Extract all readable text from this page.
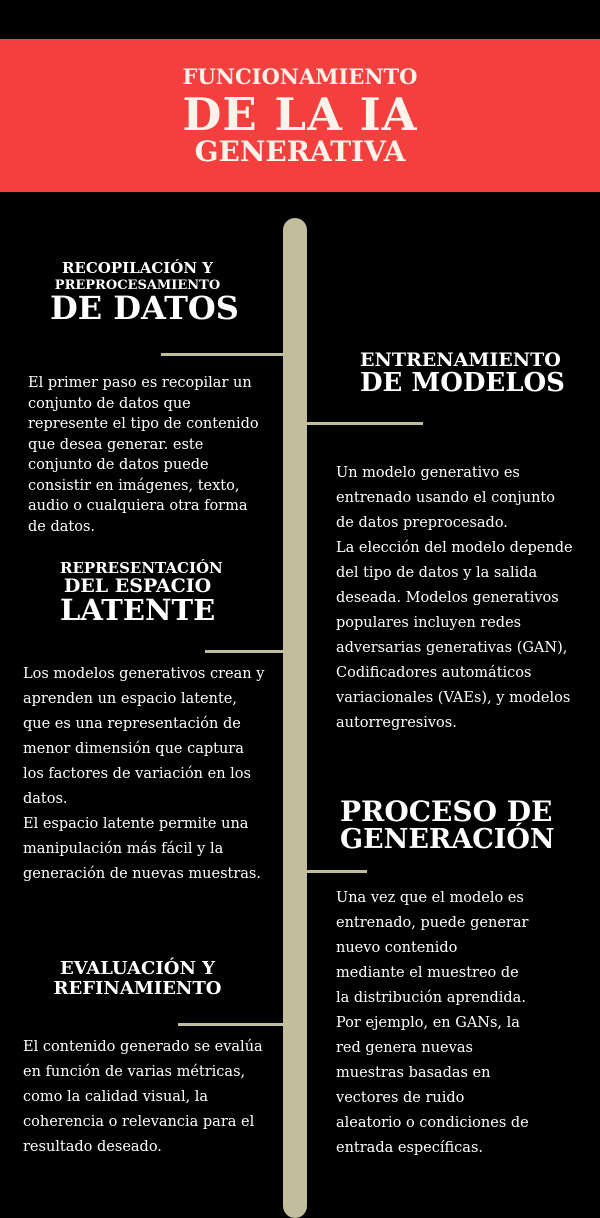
FUNCIONAMIENTO
DE LA IA
GENERATIVA
RECOPILACIÓN Y
PREPROCESAMIENTO
DE DATOS
El primer paso es recopilar un
conjunto de datos que
represente el tipo de contenido
que desea generar. este
conjunto de datos puede
consistir en imágenes, texto,
audio o cualquiera otra forma
de datos.
ENTRENAMIENTO
DE MODELOS
Un modelo generativo es
entrenado usando el conjunto
de datos preprocesado.
La elección del modelo depende
del tipo de datos y la salida
deseada. Modelos generativos
populares incluyen redes
adversarias generativas (GAN),
Codificadores automáticos
variacionales (VAEs), y modelos
autorregresivos.
REPRESENTACIÓN
DEL ESPACIO
LATENTE
Los modelos generativos crean y
aprenden un espacio latente,
que es una representación de
menor dimensión que captura
los factores de variación en los
datos.
El espacio latente permite una
manipulación más fácil y la
generación de nuevas muestras.
PROCESO DE
GENERACIÓN
Una vez que el modelo es
entrenado, puede generar
nuevo contenido
mediante el muestreo de
la distribución aprendida.
Por ejemplo, en GANs, la
red genera nuevas
muestras basadas en
vectores de ruido
aleatorio o condiciones de
entrada específicas.
EVALUACIÓN Y
REFINAMIENTO
El contenido generado se evalúa
en función de varias métricas,
como la calidad visual, la
coherencia o relevancia para el
resultado deseado.
